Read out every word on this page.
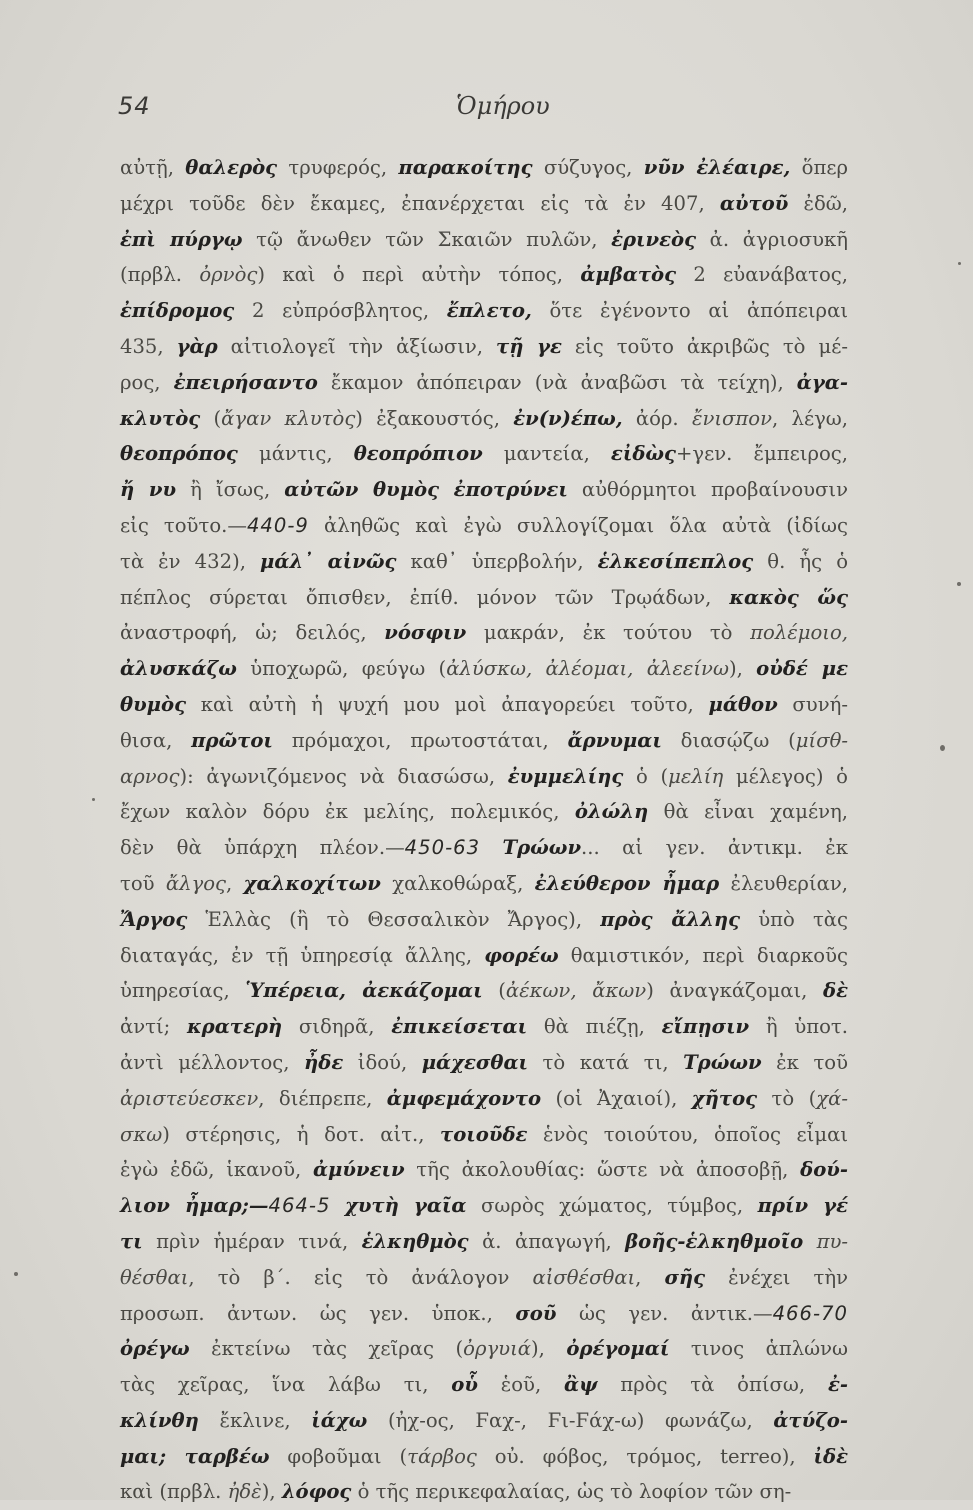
54	Ὁμήρου
αὐτῇ, θαλερὸς τρυφερός, παρακοίτης σύζυγος, νῦν ἐλέαιρε, ὅπερ
μέχρι τοῦδε δὲν ἔκαμες, ἐπανέρχεται εἰς τὰ ἐν 407, αὐτοῦ ἐδῶ,
ἐπὶ πύργῳ τῷ ἄνωθεν τῶν Σκαιῶν πυλῶν, ἐρινεὸς ἀ. ἀγριοσυκῆ
(πρβλ. ὀρνὸς) καὶ ὁ περὶ αὐτὴν τόπος, ἀμβατὸς 2 εὐανάβατος,
ἐπίδρομος 2 εὐπρόσβλητος, ἔπλετο, ὅτε ἐγένοντο αἱ ἀπόπειραι
435, γὰρ αἰτιολογεῖ τὴν ἀξίωσιν, τῇ γε εἰς τοῦτο ἀκριβῶς τὸ μέ-
ρος, ἐπειρήσαντο ἔκαμον ἀπόπειραν (νὰ ἀναβῶσι τὰ τείχη), ἀγα-
κλυτὸς (ἄγαν κλυτὸς) ἐξακουστός, ἐν(ν)έπω, ἀόρ. ἔνισπον, λέγω,
θεοπρόπος μάντις, θεοπρόπιον μαντεία, εἰδὼς+γεν. ἔμπειρος,
ἤ νυ ἢ ἴσως, αὐτῶν θυμὸς ἐποτρύνει αὐθόρμητοι προβαίνουσιν
εἰς τοῦτο.—440-9 ἀληθῶς καὶ ἐγὼ συλλογίζομαι ὅλα αὐτὰ (ἰδίως
τὰ ἐν 432), μάλ᾽ αἰνῶς καθ᾽ ὑπερβολήν, ἑλκεσίπεπλος θ. ἧς ὁ
πέπλος σύρεται ὄπισθεν, ἐπίθ. μόνον τῶν Τρῳάδων, κακὸς ὥς
ἀναστροφή, ὡ; δειλός, νόσφιν μακράν, ἐκ τούτου τὸ πολέμοιο,
ἀλυσκάζω ὑποχωρῶ, φεύγω (ἀλύσκω, ἀλέομαι, ἀλεείνω), οὐδέ με
θυμὸς καὶ αὐτὴ ἡ ψυχή μου μοὶ ἀπαγορεύει τοῦτο, μάθον συνή-
θισα, πρῶτοι πρόμαχοι, πρωτοστάται, ἄρνυμαι διασῴζω (μίσθ-
αρνος): ἀγωνιζόμενος νὰ διασώσω, ἐυμμελίης ὁ (μελίη μέλεγος) ὁ
ἔχων καλὸν δόρυ ἐκ μελίης, πολεμικός, ὀλώλη θὰ εἶναι χαμένη,
δὲν θὰ ὑπάρχη πλέον.—450-63 Τρώων... αἱ γεν. ἀντικμ. ἐκ
τοῦ ἄλγος, χαλκοχίτων χαλκοθώραξ, ἐλεύθερον ἦμαρ ἐλευθερίαν,
Ἄργος Ἑλλὰς (ἢ τὸ Θεσσαλικὸν Ἄργος), πρὸς ἄλλης ὑπὸ τὰς
διαταγάς, ἐν τῇ ὑπηρεσίᾳ ἄλλης, φορέω θαμιστικόν, περὶ διαρκοῦς
ὑπηρεσίας, Ὑπέρεια, ἀεκάζομαι (ἀέκων, ἄκων) ἀναγκάζομαι, δὲ
ἀντί; κρατερὴ σιδηρᾶ, ἐπικείσεται θὰ πιέζῃ, εἴπῃσιν ἢ ὑποτ.
ἀντὶ μέλλοντος, ἦδε ἰδού, μάχεσθαι τὸ κατά τι, Τρώων ἐκ τοῦ
ἀριστεύεσκεν, διέπρεπε, ἀμφεμάχοντο (οἱ Ἀχαιοί), χῆτος τὸ (χά-
σκω) στέρησις, ἡ δοτ. αἰτ., τοιοῦδε ἑνὸς τοιούτου, ὁποῖος εἶμαι
ἐγὼ ἐδῶ, ἱκανοῦ, ἀμύνειν τῆς ἀκολουθίας: ὥστε νὰ ἀποσοβῇ, δού-
λιον ἦμαρ;—464-5 χυτὴ γαῖα σωρὸς χώματος, τύμβος, πρίν γέ
τι πρὶν ἡμέραν τινά, ἑλκηθμὸς ἀ. ἀπαγωγή, βοῆς-ἑλκηθμοῖο πυ-
θέσθαι, τὸ β΄. εἰς τὸ ἀνάλογον αἰσθέσθαι, σῆς ἐνέχει τὴν
προσωπ. ἀντων. ὡς γεν. ὑποκ., σοῦ ὡς γεν. ἀντικ.—466-70
ὀρέγω ἐκτείνω τὰς χεῖρας (ὀργυιά), ὀρέγομαί τινος ἁπλώνω
τὰς χεῖρας, ἵνα λάβω τι, οὗ ἑοῦ, ἂψ πρὸς τὰ ὀπίσω, ἐ-
κλίνθη ἔκλινε, ἰάχω (ἠχ-ος, Ϝαχ-, Ϝι-Ϝάχ-ω) φωνάζω, ἀτύζο-
μαι; ταρβέω φοβοῦμαι (τάρβος οὐ. φόβος, τρόμος, terreo), ἰδὲ
καὶ (πρβλ. ἠδὲ), λόφος ὁ τῆς περικεφαλαίας, ὡς τὸ λοφίον τῶν ση-
